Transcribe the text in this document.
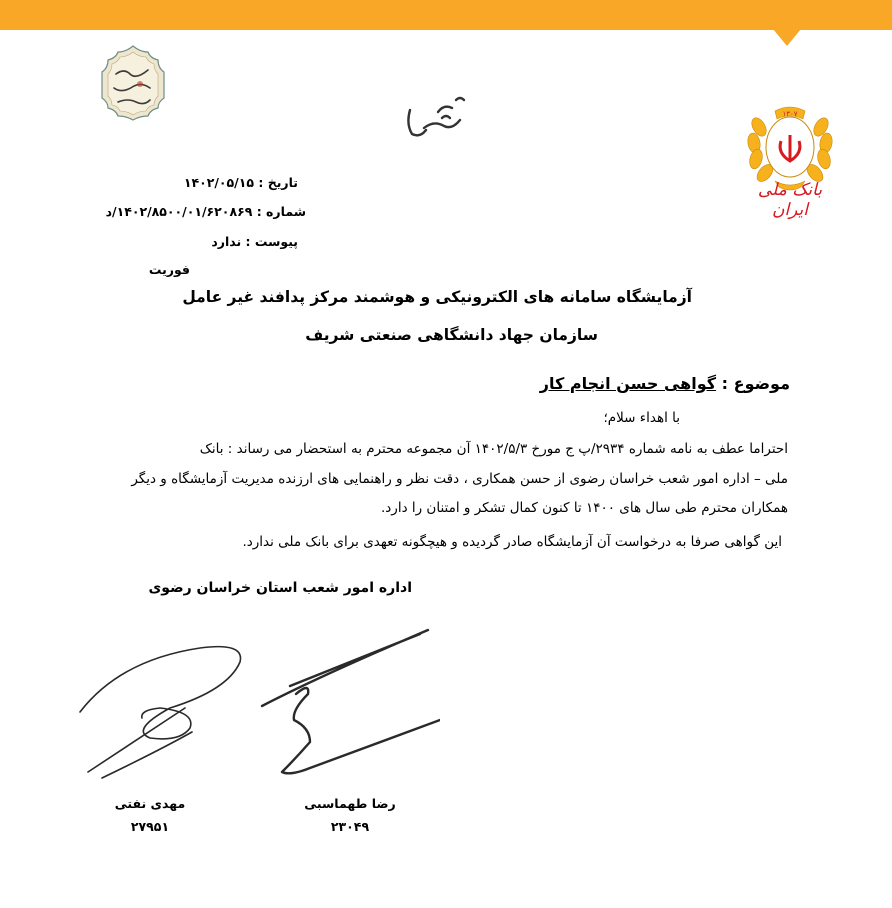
۱۳۰۷
بانک ملی ایران
تاریخ : ۱۴۰۲/۰۵/۱۵
شماره : ۱۴۰۲/۸۵۰۰/۰۱/۶۲۰۸۶۹/د
پیوست : ندارد
فوریت
آزمایشگاه سامانه های الکترونیکی و هوشمند مرکز پدافند غیر عامل
سازمان جهاد دانشگاهی صنعتی شریف
موضوع : گواهی حسن انجام کار
با اهداء سلام؛
احتراما عطف به نامه شماره ۲۹۳۴/پ ج مورخ ۱۴۰۲/۵/۳ آن مجموعه محترم به استحضار می رساند : بانک
ملی – اداره امور شعب خراسان رضوی از حسن همکاری ، دقت نظر و راهنمایی های ارزنده مدیریت آزمایشگاه و دیگر
همکاران محترم طی سال های ۱۴۰۰ تا کنون کمال تشکر و امتنان را دارد.
این گواهی صرفا به درخواست آن آزمایشگاه صادر گردیده و هیچگونه تعهدی برای بانک ملی ندارد.
اداره امور شعب استان خراسان رضوی
مهدی نفتی
۲۷۹۵۱
رضا طهماسبی
۲۳۰۴۹
